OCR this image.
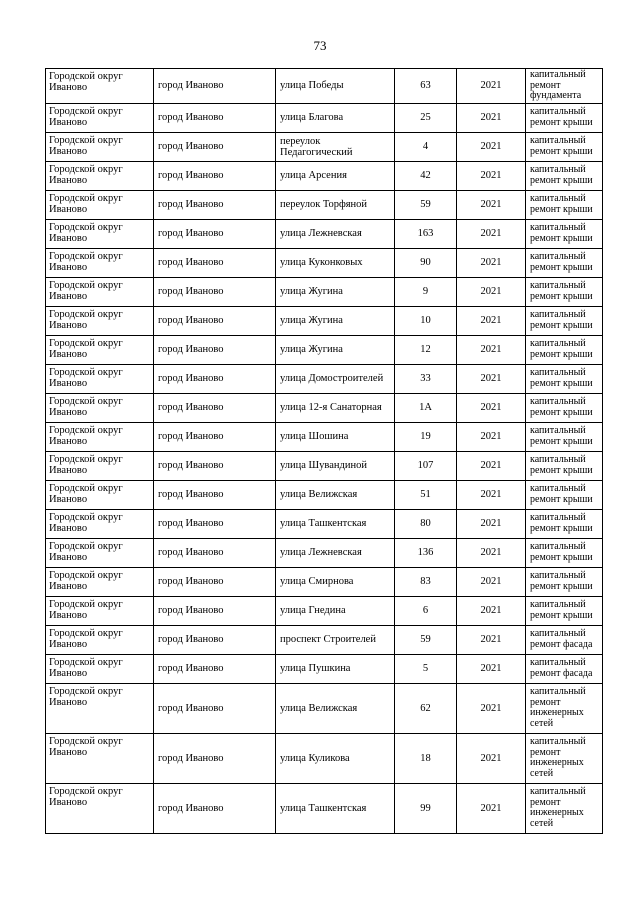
73
Городской округ Иваново	город Иваново	улица Победы	63	2021	капитальный ремонт фундамента
Городской округ Иваново	город Иваново	улица Благова	25	2021	капитальный ремонт крыши
Городской округ Иваново	город Иваново	переулок Педагогический	4	2021	капитальный ремонт крыши
Городской округ Иваново	город Иваново	улица Арсения	42	2021	капитальный ремонт крыши
Городской округ Иваново	город Иваново	переулок Торфяной	59	2021	капитальный ремонт крыши
Городской округ Иваново	город Иваново	улица Лежневская	163	2021	капитальный ремонт крыши
Городской округ Иваново	город Иваново	улица Куконковых	90	2021	капитальный ремонт крыши
Городской округ Иваново	город Иваново	улица Жугина	9	2021	капитальный ремонт крыши
Городской округ Иваново	город Иваново	улица Жугина	10	2021	капитальный ремонт крыши
Городской округ Иваново	город Иваново	улица Жугина	12	2021	капитальный ремонт крыши
Городской округ Иваново	город Иваново	улица Домостроителей	33	2021	капитальный ремонт крыши
Городской округ Иваново	город Иваново	улица 12-я Санаторная	1А	2021	капитальный ремонт крыши
Городской округ Иваново	город Иваново	улица Шошина	19	2021	капитальный ремонт крыши
Городской округ Иваново	город Иваново	улица Шувандиной	107	2021	капитальный ремонт крыши
Городской округ Иваново	город Иваново	улица Велижская	51	2021	капитальный ремонт крыши
Городской округ Иваново	город Иваново	улица Ташкентская	80	2021	капитальный ремонт крыши
Городской округ Иваново	город Иваново	улица Лежневская	136	2021	капитальный ремонт крыши
Городской округ Иваново	город Иваново	улица Смирнова	83	2021	капитальный ремонт крыши
Городской округ Иваново	город Иваново	улица Гнедина	6	2021	капитальный ремонт крыши
Городской округ Иваново	город Иваново	проспект Строителей	59	2021	капитальный ремонт фасада
Городской округ Иваново	город Иваново	улица Пушкина	5	2021	капитальный ремонт фасада
Городской округ Иваново	город Иваново	улица Велижская	62	2021	капитальный ремонт инженерных сетей
Городской округ Иваново	город Иваново	улица Куликова	18	2021	капитальный ремонт инженерных сетей
Городской округ Иваново	город Иваново	улица Ташкентская	99	2021	капитальный ремонт инженерных сетей
